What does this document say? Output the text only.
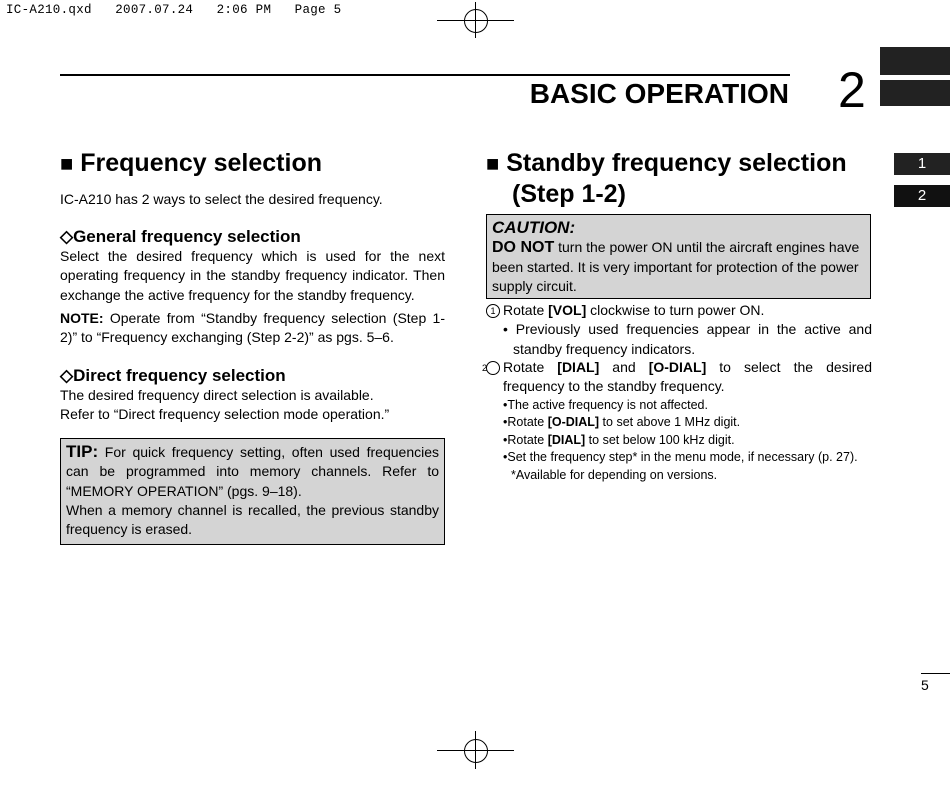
IC-A210.qxd   2007.07.24   2:06 PM   Page 5
BASIC OPERATION 2
1
2
■ Frequency selection

IC-A210 has 2 ways to select the desired frequency.

◇General frequency selection

Select the desired frequency which is used for the next operating frequency in the standby frequency indicator. Then exchange the active frequency for the standby frequency.

NOTE: Operate from “Standby frequency selection (Step 1-2)” to “Frequency exchanging (Step 2-2)” as pgs. 5–6.

◇Direct frequency selection

The desired frequency direct selection is available.

Refer to “Direct frequency selection mode operation.”

TIP: For quick frequency setting, often used frequencies can be programmed into memory channels. Refer to “MEMORY OPERATION” (pgs. 9–18).

When a memory channel is recalled, the previous standby frequency is erased.

■ Standby frequency selection
(Step 1-2)
CAUTION:

DO NOT turn the power ON until the aircraft engines have been started. It is very important for protection of the power supply circuit.

1 Rotate [VOL] clockwise to turn power ON.

• Previously used frequencies appear in the active and standby frequency indicators.

2 Rotate [DIAL] and [O-DIAL] to select the desired frequency to the standby frequency.

•The active frequency is not affected.

•Rotate [O-DIAL] to set above 1 MHz digit.

•Rotate [DIAL] to set below 100 kHz digit.

•Set the frequency step* in the menu mode, if necessary (p. 27).

*Available for depending on versions.

5
